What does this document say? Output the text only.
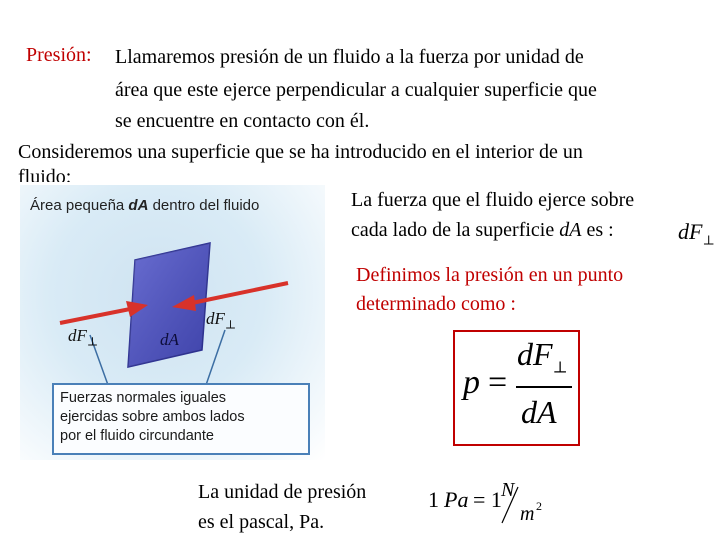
Presión: Llamaremos presión de un fluido a la fuerza por unidad de
área que este ejerce perpendicular a cualquier superficie que
se encuentre en contacto con él.
Consideremos una superficie que se ha introducido en el interior de un
fluido:
Área pequeña dA dentro del fluido
$dF_\perp$
$dF_\perp$
dA
Fuerzas normales iguales
ejercidas sobre ambos lados
por el fluido circundante
La fuerza que el fluido ejerce sobre
cada lado de la superficie dA es :	$dF_\perp$
Definimos la presión en un punto
determinado como :
p =
$dF_\perp$
dA
La unidad de presión
es el pascal, Pa.
1 Pa = 1 N
m 2
